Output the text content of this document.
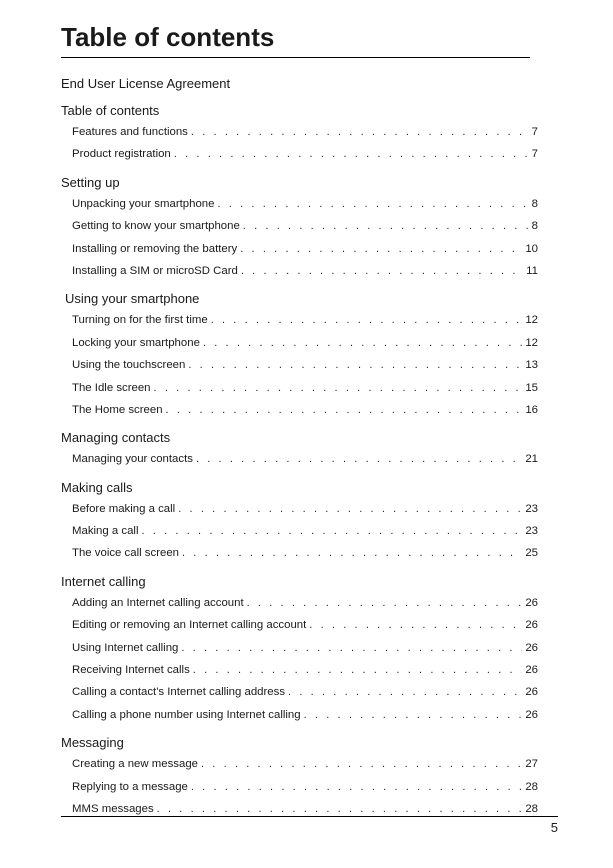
Table of contents
End User License Agreement
Table of contents
Features and functions . . .	7
Product registration . . .	7
Setting up
Unpacking your smartphone . . .	8
Getting to know your smartphone . . .	8
Installing or removing the battery . . .	10
Installing a SIM or microSD Card . . .	11
Using your smartphone
Turning on for the first time . . .	12
Locking your smartphone . . .	12
Using the touchscreen . . .	13
The Idle screen . . .	15
The Home screen . . .	16
Managing contacts
Managing your contacts . . .	21
Making calls
Before making a call . . .	23
Making a call . . .	23
The voice call screen . . .	25
Internet calling
Adding an Internet calling account . . .	26
Editing or removing an Internet calling account . . .	26
Using Internet calling . . .	26
Receiving Internet calls . . .	26
Calling a contact's Internet calling address . . .	26
Calling a phone number using Internet calling . . .	26
Messaging
Creating a new message . . .	27
Replying to a message . . .	28
MMS messages . . .	28
5
